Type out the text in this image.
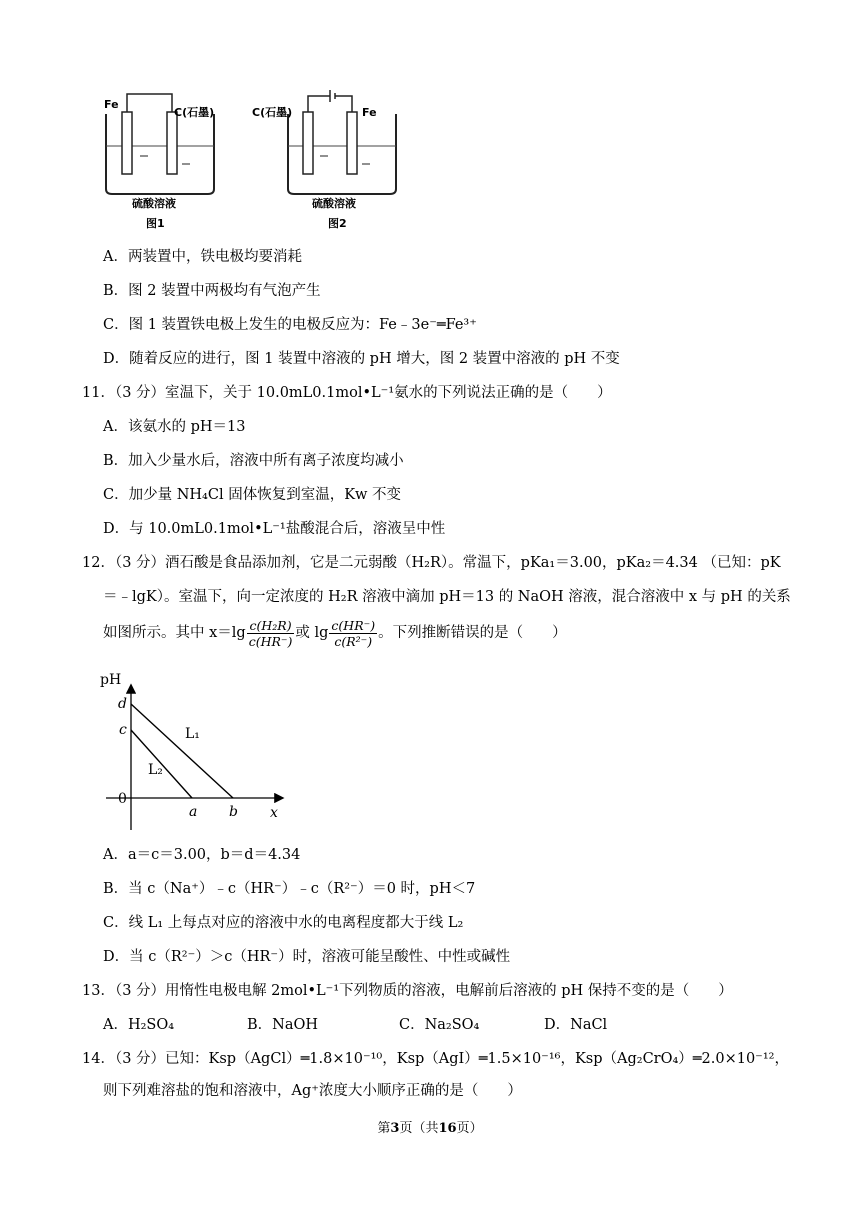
Fe
C(石墨)
硫酸溶液
图1
C(石墨)	Fe
硫酸溶液
图2
A．两装置中，铁电极均要消耗
B．图 2 装置中两极均有气泡产生
C．图 1 装置铁电极上发生的电极反应为：Fe﹣3e⁻═Fe³⁺
D．随着反应的进行，图 1 装置中溶液的 pH 增大，图 2 装置中溶液的 pH 不变
11．（3 分）室温下，关于 10.0mL0.1mol•L⁻¹氨水的下列说法正确的是（　　）
A．该氨水的 pH＝13
B．加入少量水后，溶液中所有离子浓度均减小
C．加少量 NH₄Cl 固体恢复到室温，Kw 不变
D．与 10.0mL0.1mol•L⁻¹盐酸混合后，溶液呈中性
12．（3 分）酒石酸是食品添加剂，它是二元弱酸（H₂R）。常温下，pKa₁＝3.00，pKa₂＝4.34 （已知：pK
＝﹣lgK）。室温下，向一定浓度的 H₂R 溶液中滴加 pH＝13 的 NaOH 溶液，混合溶液中 x 与 pH 的关系
如图所示。其中 $x=\lg \frac{\text{c(H₂R)}}{c(HR^-)}$ 或 $\lg \frac{c(HR^-)}{\text{c(R²⁻)}}$ 。下列推断错误的是（　　）
pH
d
c
0
a b x
L₁
L₂
A．a＝c＝3.00，b＝d＝4.34
B．当 c（Na⁺）﹣c（HR⁻）﹣c（R²⁻）＝0 时，pH＜7
C．线 L₁ 上每点对应的溶液中水的电离程度都大于线 L₂
D．当 c（R²⁻）＞c（HR⁻）时，溶液可能呈酸性、中性或碱性
13．（3 分）用惰性电极电解 2mol•L⁻¹下列物质的溶液，电解前后溶液的 pH 保持不变的是（　　）
A．H₂SO₄	B．NaOH	C．Na₂SO₄	D．NaCl
14．（3 分）已知：Ksp（AgCl）═1.8×10⁻¹⁰，Ksp（AgI）═1.5×10⁻¹⁶，Ksp（Ag₂CrO₄）═2.0×10⁻¹²，
则下列难溶盐的饱和溶液中，Ag⁺浓度大小顺序正确的是（　　）
第3页（共16页）
